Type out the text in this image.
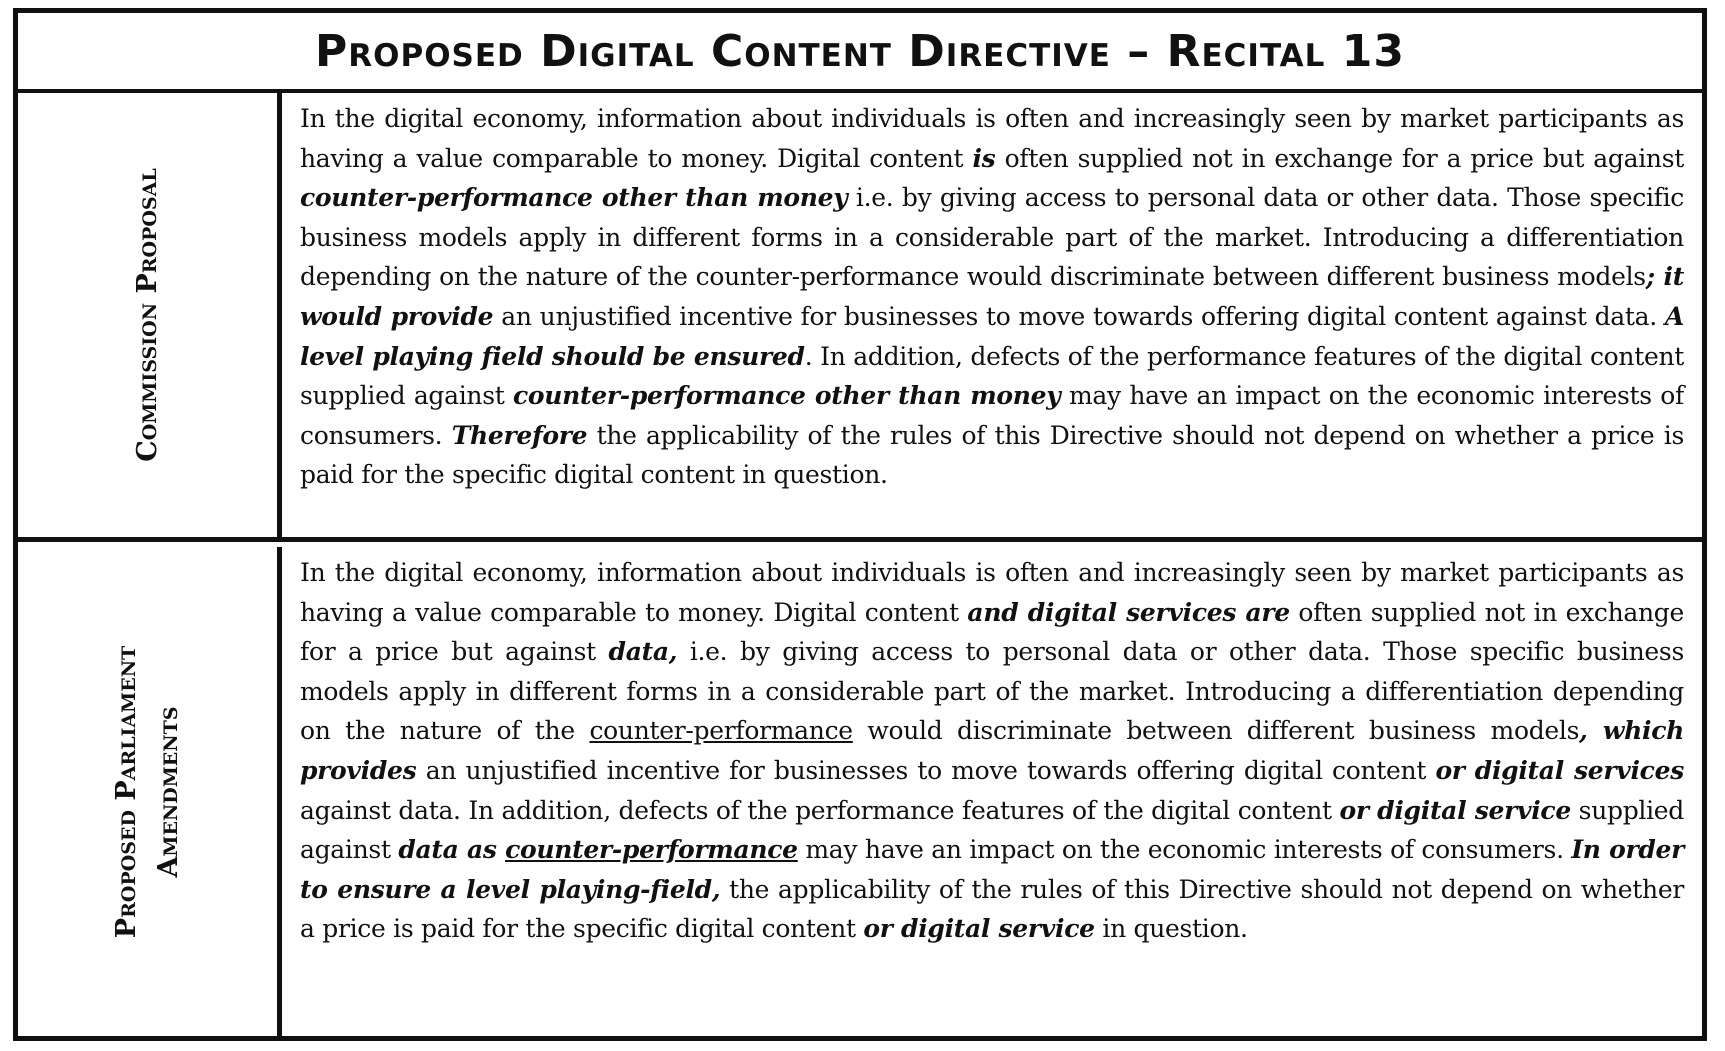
Proposed Digital Content Directive – Recital 13
Commission Proposal

In the digital economy, information about individuals is often and increasingly seen by market participants as having a value comparable to money. Digital content is often supplied not in exchange for a price but against counter-performance other than money i.e. by giving access to personal data or other data. Those specific business models apply in different forms in a considerable part of the market. Introducing a differentiation depending on the nature of the counter-performance would discriminate between different business models; it would provide an unjustified incentive for businesses to move towards offering digital content against data. A level playing field should be ensured. In addition, defects of the performance features of the digital content supplied against counter-performance other than money may have an impact on the economic interests of consumers. Therefore the applicability of the rules of this Directive should not depend on whether a price is paid for the specific digital content in question.

Proposed Parliament Amendments

In the digital economy, information about individuals is often and increasingly seen by market participants as having a value comparable to money. Digital content and digital services are often supplied not in exchange for a price but against data, i.e. by giving access to personal data or other data. Those specific business models apply in different forms in a considerable part of the market. Introducing a differentiation depending on the nature of the counter-performance would discriminate between different business models, which provides an unjustified incentive for businesses to move towards offering digital content or digital services against data. In addition, defects of the performance features of the digital content or digital service supplied against data as counter-performance may have an impact on the economic interests of consumers. In order to ensure a level playing-field, the applicability of the rules of this Directive should not depend on whether a price is paid for the specific digital content or digital service in question.
